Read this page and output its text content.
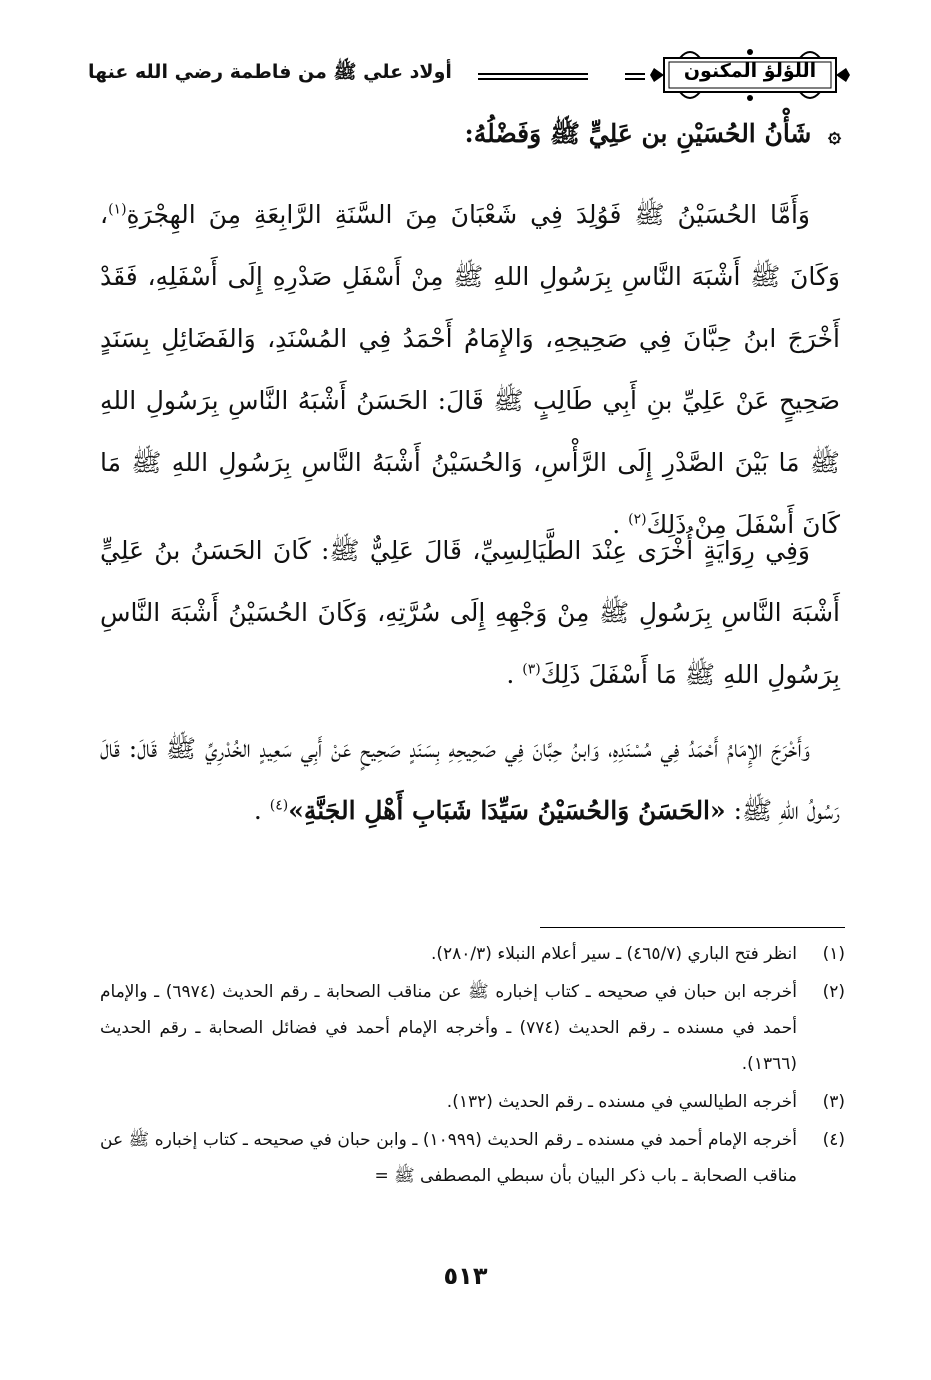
اللؤلؤ المكنون
أولاد علي ﷺ من فاطمة رضي الله عنها
۞ شَأْنُ الحُسَيْنِ بن عَلِيٍّ ﷺ وَفَضْلُهُ:

وَأَمَّا الحُسَيْنُ ﷺ فَوُلِدَ فِي شَعْبَانَ مِنَ السَّنَةِ الرَّابِعَةِ مِنَ الهِجْرَةِ$^{(١)}$، وَكَانَ ﷺ أَشْبَهَ النَّاسِ بِرَسُولِ اللهِ ﷺ مِنْ أَسْفَلِ صَدْرِهِ إِلَى أَسْفَلِهِ، فَقَدْ أَخْرَجَ ابنُ حِبَّانَ فِي صَحِيحِهِ، وَالإِمَامُ أَحْمَدُ فِي المُسْنَدِ، وَالفَضَائِلِ بِسَنَدٍ صَحِيحٍ عَنْ عَلِيِّ بنِ أَبِي طَالِبٍ ﷺ قَالَ: الحَسَنُ أَشْبَهُ النَّاسِ بِرَسُولِ اللهِ ﷺ مَا بَيْنَ الصَّدْرِ إِلَى الرَّأْسِ، وَالحُسَيْنُ أَشْبَهُ النَّاسِ بِرَسُولِ اللهِ ﷺ مَا كَانَ أَسْفَلَ مِنْ ذَلِكَ$^{(٢)}$ .

وَفِي رِوَايَةٍ أُخْرَى عِنْدَ الطَّيَالِسِيِّ، قَالَ عَلِيٌّ ﷺ: كَانَ الحَسَنُ بنُ عَلِيٍّ أَشْبَهَ النَّاسِ بِرَسُولِ ﷺ مِنْ وَجْهِهِ إِلَى سُرَّتِهِ، وَكَانَ الحُسَيْنُ أَشْبَهَ النَّاسِ بِرَسُولِ اللهِ ﷺ مَا أَسْفَلَ ذَلِكَ$^{(٣)}$ .

وَأَخْرَجَ الإِمَامُ أَحْمَدُ فِي مُسْنَدِهِ، وَابنُ حِبَّانَ فِي صَحِيحِهِ بِسَنَدٍ صَحِيحٍ عَنْ أَبِي سَعِيدٍ الخُدْرِيِّ ﷺ قَالَ: قَالَ رَسُولُ اللهِ ﷺ: «الحَسَنُ وَالحُسَيْنُ سَيِّدَا شَبَابِ أَهْلِ الجَنَّةِ»$^{(٤)}$ .

(١)
انظر فتح الباري (٤٦٥/٧) ـ سير أعلام النبلاء (٢٨٠/٣).
(٢)
أخرجه ابن حبان في صحيحه ـ كتاب إخباره ﷺ عن مناقب الصحابة ـ رقم الحديث (٦٩٧٤) ـ والإمام أحمد في مسنده ـ رقم الحديث (٧٧٤) ـ وأخرجه الإمام أحمد في فضائل الصحابة ـ رقم الحديث (١٣٦٦).
(٣)
أخرجه الطيالسي في مسنده ـ رقم الحديث (١٣٢).
(٤)
أخرجه الإمام أحمد في مسنده ـ رقم الحديث (١٠٩٩٩) ـ وابن حبان في صحيحه ـ كتاب إخباره ﷺ عن مناقب الصحابة ـ باب ذكر البيان بأن سبطي المصطفى ﷺ =
٥١٣
